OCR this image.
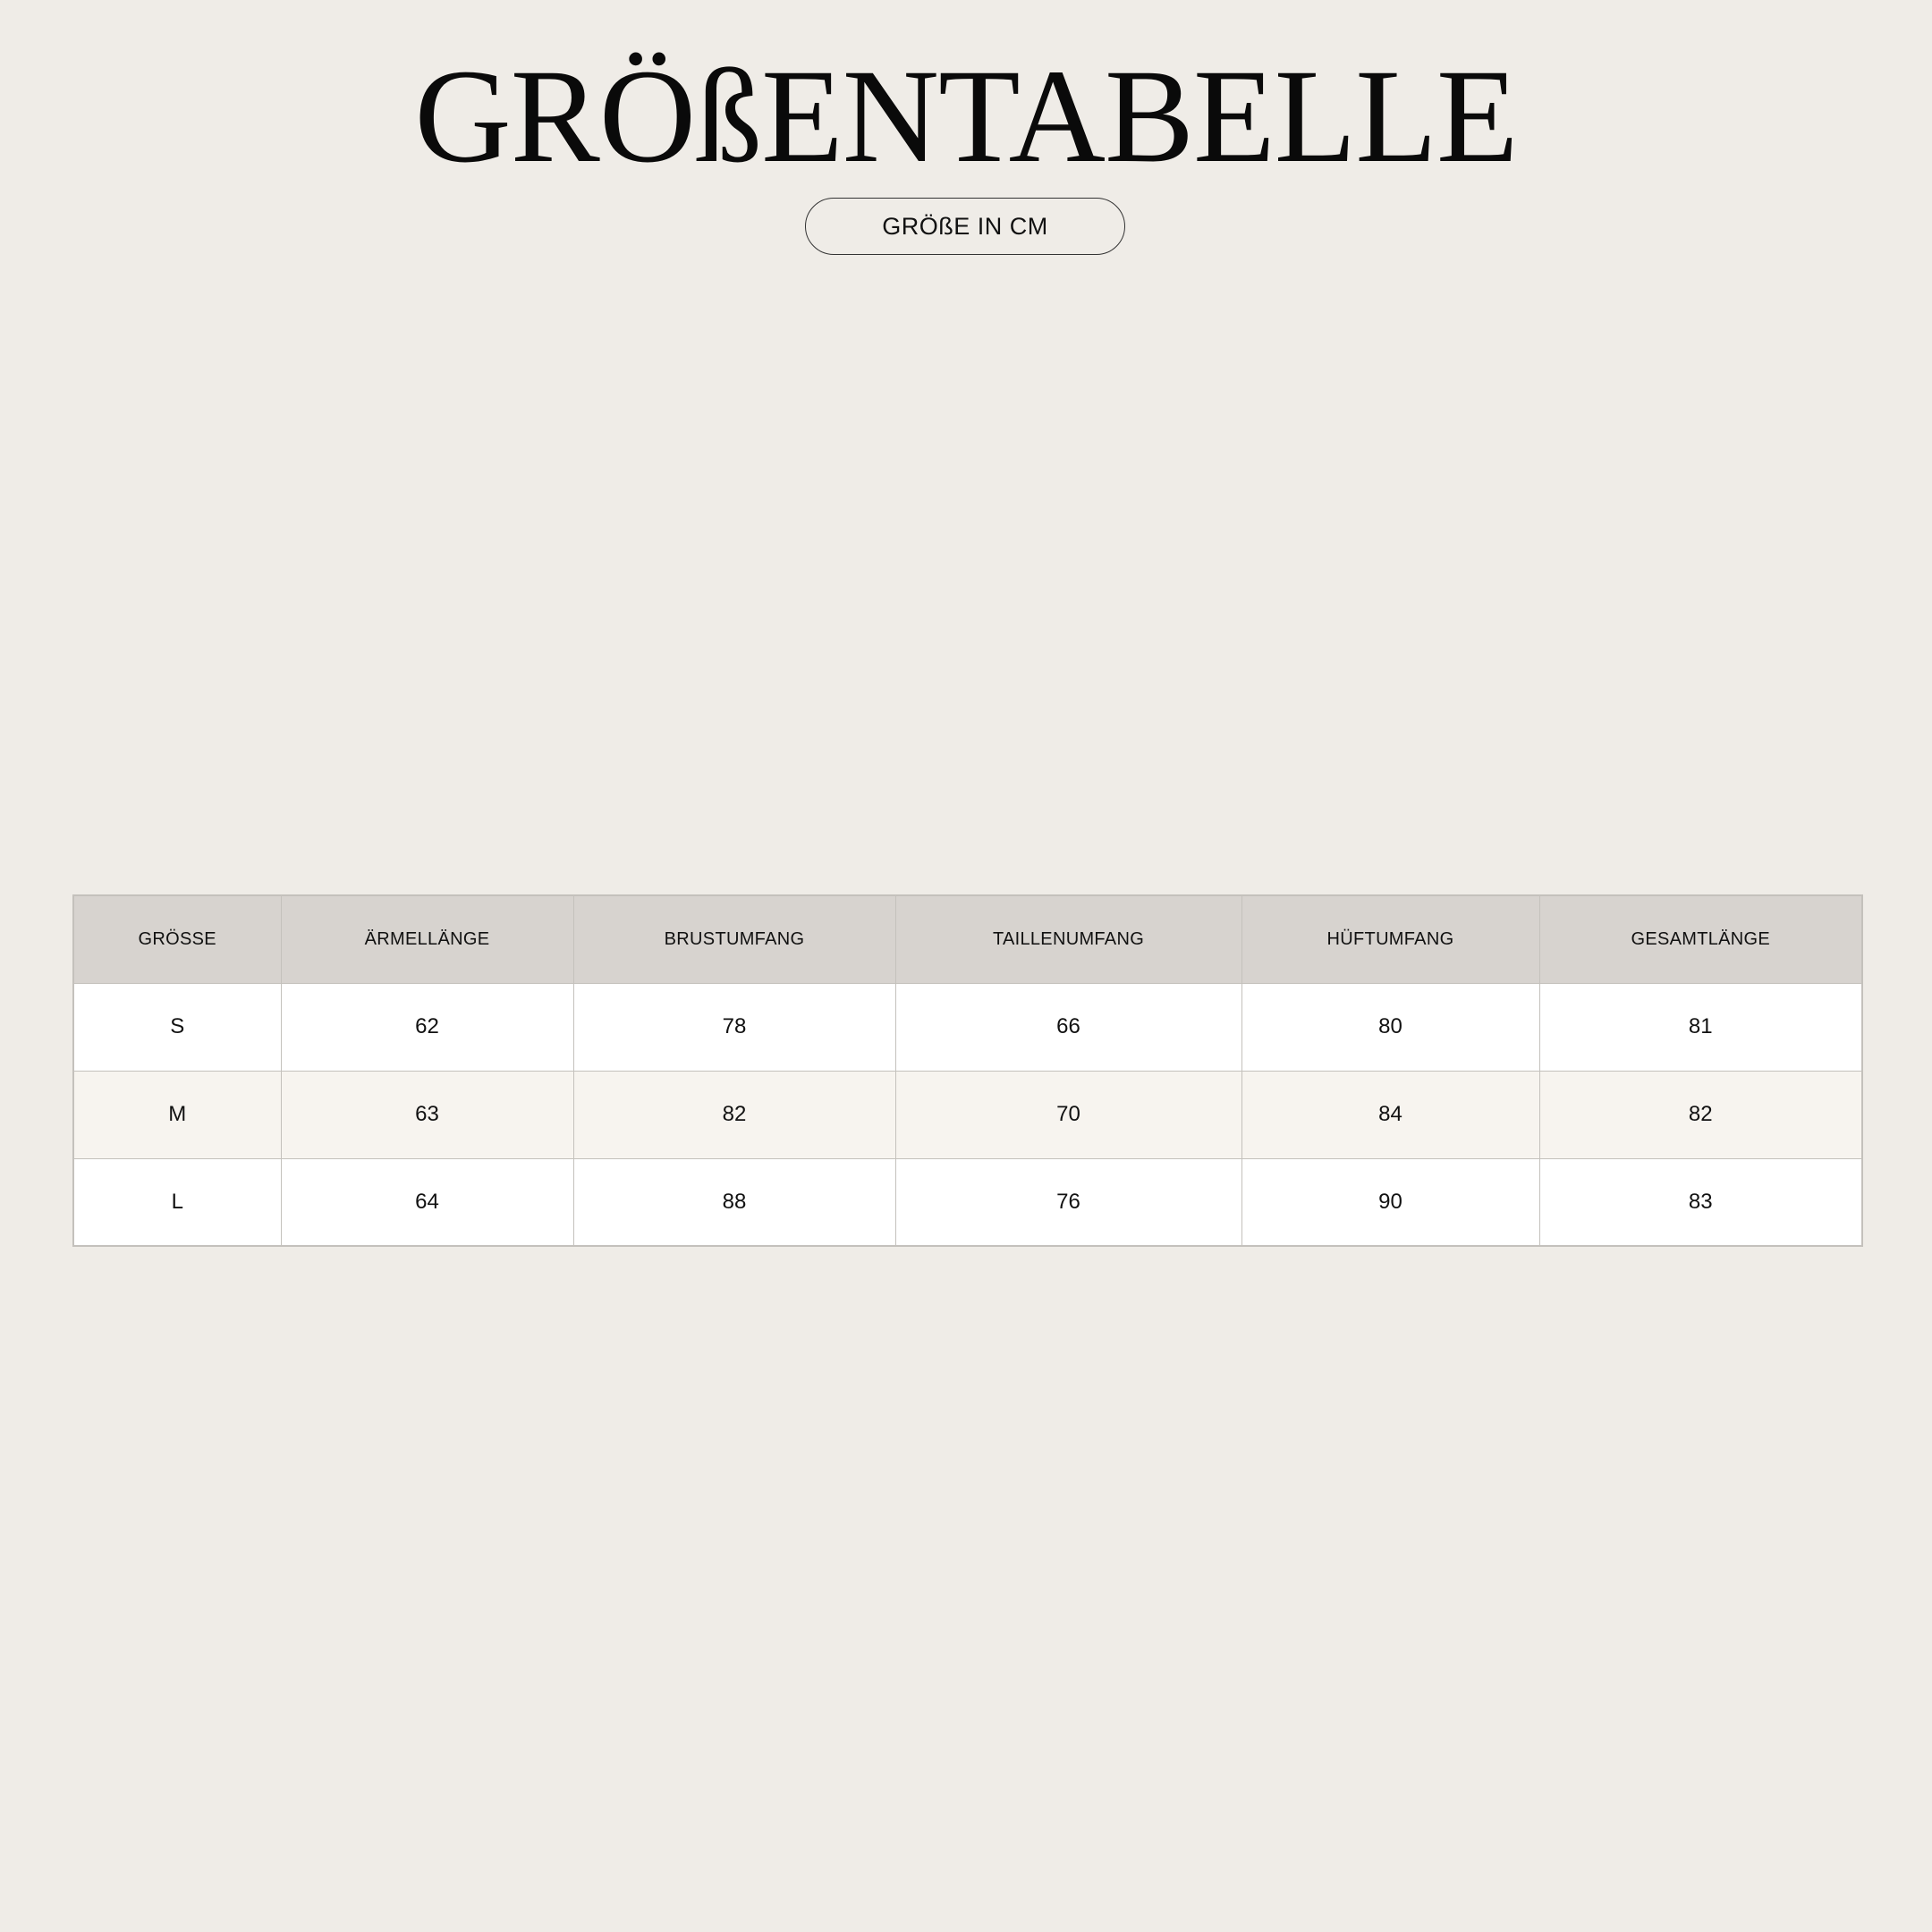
GRÖßENTABELLE
GRÖßE IN CM
GRÖSSE	ÄRMELLÄNGE	BRUSTUMFANG	TAILLENUMFANG	HÜFTUMFANG	GESAMTLÄNGE
S	62	78	66	80	81
M	63	82	70	84	82
L	64	88	76	90	83
